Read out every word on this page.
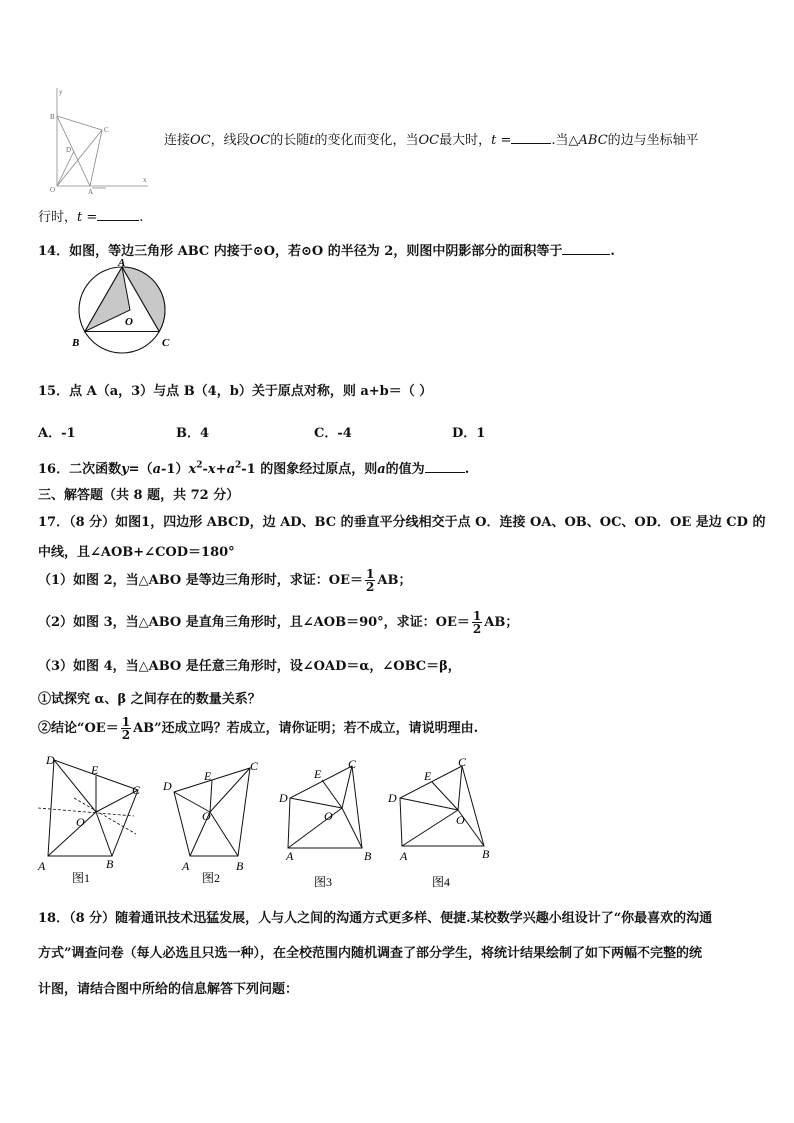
y
B
C
D
O	A
x
连接OC，线段OC的长随t的变化而变化，当OC最大时，t =	.当△ABC的边与坐标轴平
行时，t =	.
14．如图，等边三角形 ABC 内接于⊙O，若⊙O 的半径为 2，则图中阴影部分的面积等于	.
A
O
B	C
15．点 A（a，3）与点 B（4，b）关于原点对称，则 a+b＝（ ）
A．-1	B．4	C．-4	D．1
16．二次函数$y=(a-1)x^2-x+a^2-1$ 的图象经过原点，则a的值为	.
三、解答题（共 8 题，共 72 分）
17．（8 分）如图1，四边形 ABCD，边 AD、BC 的垂直平分线相交于点 O．连接 OA、OB、OC、OD．OE 是边 CD 的
中线，且∠AOB+∠COD＝180°
（1）如图 2，当△ABO 是等边三角形时，求证：$OE= \frac{1}{2}$ AB；
（2）如图 3，当△ABO 是直角三角形时，且∠AOB＝90°，求证：$OE= \frac{1}{2}$ AB；
（3）如图 4，当△ABO 是任意三角形时，设∠OAD＝α，∠OBC＝β，
①试探究 α、β 之间存在的数量关系？
②结论“$OE= \frac{1}{2}$ AB”还成立吗？若成立，请你证明；若不成立，请说明理由.
D
E
C
O
A	B
图1
D
E
C
O
A	B
图2
D
E
C
O
A	B
图3
D
E
C
O
A	B
图4
18．（8 分）随着通讯技术迅猛发展，人与人之间的沟通方式更多样、便捷.某校数学兴趣小组设计了“你最喜欢的沟通
方式”调查问卷（每人必选且只选一种），在全校范围内随机调查了部分学生，将统计结果绘制了如下两幅不完整的统
计图，请结合图中所给的信息解答下列问题：
